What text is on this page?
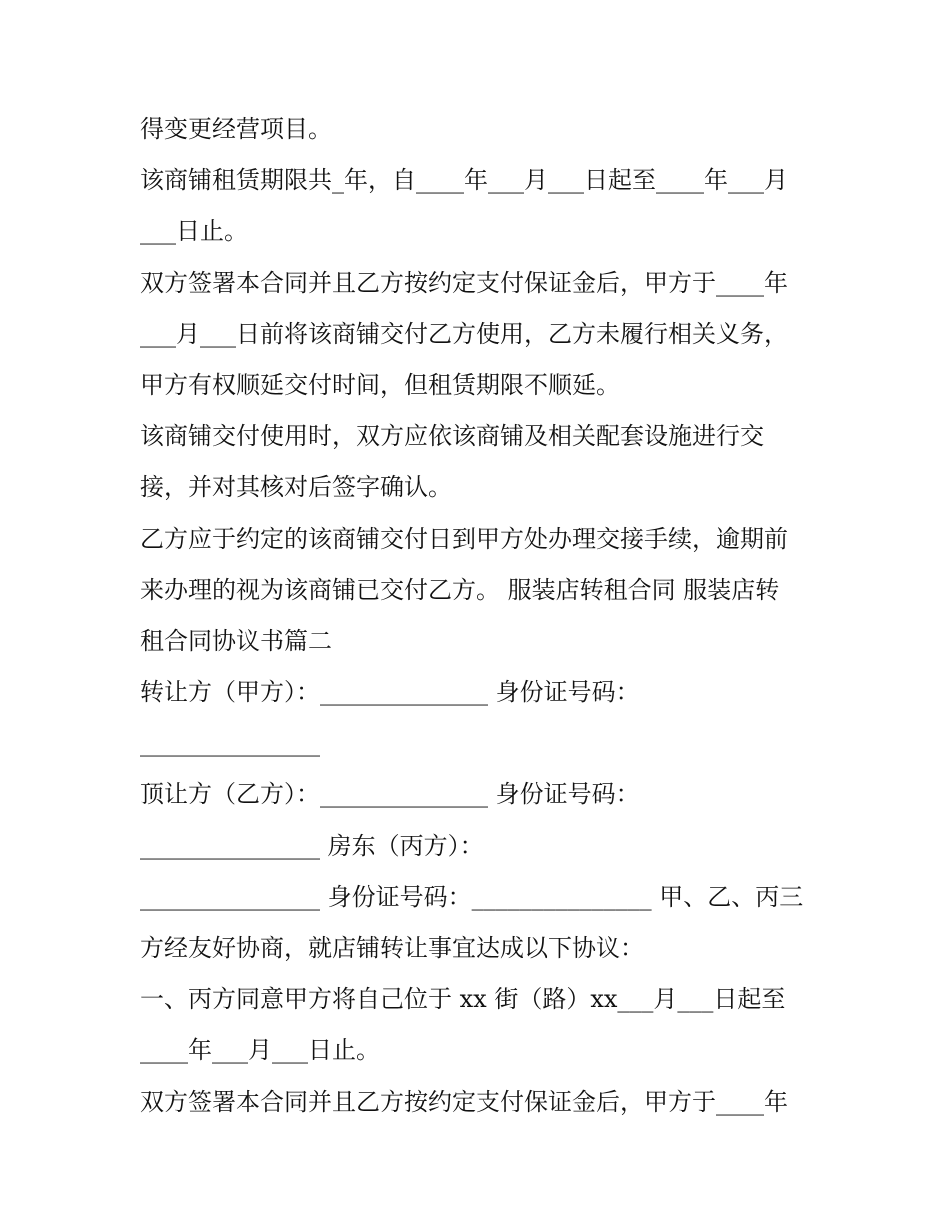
得变更经营项目。
该商铺租赁期限共_年，自____年___月___日起至____年___月
___日止。
双方签署本合同并且乙方按约定支付保证金后，甲方于____年
___月___日前将该商铺交付乙方使用，乙方未履行相关义务，
甲方有权顺延交付时间，但租赁期限不顺延。
该商铺交付使用时，双方应依该商铺及相关配套设施进行交
接，并对其核对后签字确认。
乙方应于约定的该商铺交付日到甲方处办理交接手续，逾期前
来办理的视为该商铺已交付乙方。 服装店转租合同 服装店转
租合同协议书篇二
转让方（甲方）：______________ 身份证号码：
_______________
顶让方（乙方）：______________ 身份证号码：
_______________ 房东（丙方）：
_______________ 身份证号码：_______________ 甲、乙、丙三
方经友好协商，就店铺转让事宜达成以下协议：
一、丙方同意甲方将自己位于 xx 街（路）xx___月___日起至
____年___月___日止。
双方签署本合同并且乙方按约定支付保证金后，甲方于____年
